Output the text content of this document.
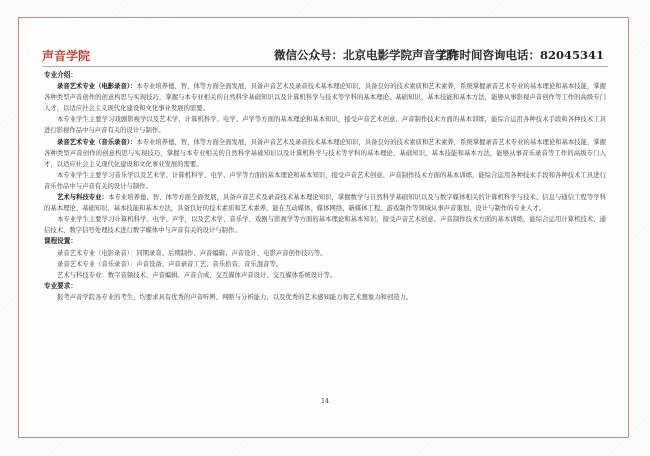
声音学院	微信公众号：北京电影学院声音学院
工作时间咨询电话：82045341
专业介绍：
录音艺术专业（电影录音）：本专业培养德、智、体等方面全面发展，具备声音艺术及录音技术基本理论知识，具备良好的技术素质和艺术素养，系统掌握录音艺术专业的基本理论和基本技能，掌握各种类型声音创作的创意构思与实现技巧，掌握与本专业相关的自然科学基础知识以及计算机科学与技术等学科的基本理论、基础知识、基本技能和基本方法，能够从事影视声音创作等工作的高级专门人才，以适应社会主义现代化建设和文化事业发展的需要。
本专业学生主要学习戏剧影视学以及艺术学、计算机科学、电学、声学等方面的基本理论和基本知识，接受声音艺术创意、声音制作技术方面的基本训练，能综合运用各种技术手段和各种技术工具进行影视作品中与声音有关的设计与制作。
录音艺术专业（音乐录音）：本专业培养德、智、体等方面全面发展，具备声音艺术及录音技术基本理论知识，具备良好的技术素质和艺术素养，系统掌握录音艺术专业的基本理论和基本技能，掌握各种类型声音创作的创意构思与实现技巧，掌握与本专业相关的自然科学基础知识以及计算机科学与技术等学科的基本理论、基础知识、基本技能和基本方法，能够从事音乐录音等工作的高级专门人才，以适应社会主义现代化建设和文化事业发展的需要。
本专业学生主要学习音乐学以及艺术学、计算机科学、电学、声学等方面的基本理论和基本知识，接受声音艺术创意、声音制作技术方面的基本训练，能综合运用各种技术手段和各种技术工具进行音乐作品中与声音有关的设计与制作。
艺术与科技专业：本专业培养德、智、体等方面全面发展，具备声音艺术及录音技术基本理论知识，掌握数学与自然科学基础知识以及与数字媒体相关的计算机科学与技术、信息与通信工程等学科的基本理论、基础知识、基本技能和基本方法，具备良好的技术素质和艺术素养，能在互动媒体、媒体网络、新媒体工程、游戏制作等领域从事声音策划、设计与制作的专业人才。
本专业学生主要学习计算机科学、电学、声学，以及艺术学、音乐学、戏剧与影视学等方面的基本理论和基本知识，接受声音艺术创意、声音制作技术方面的基本训练，能综合运用计算机技术、通信技术、数字信号处理技术进行数字媒体中与声音有关的设计与制作。
课程设置：
录音艺术专业（电影录音）：同期录音、后期制作、声音编辑、声音设计、电影声音创作技巧等。
录音艺术专业（音乐录音）：声音设备、声音录音工艺、音乐拾音、音乐混音等。
艺术与科技专业：数字音频技术、声音编辑、声音合成、交互媒体声音设计、交互媒体系统设计等。
专业要求：
报考声音学院各专业的考生，均要求具有优秀的声音听辨、判断与分析能力，以及优秀的艺术感知能力和艺术想象力和创造力。
14
